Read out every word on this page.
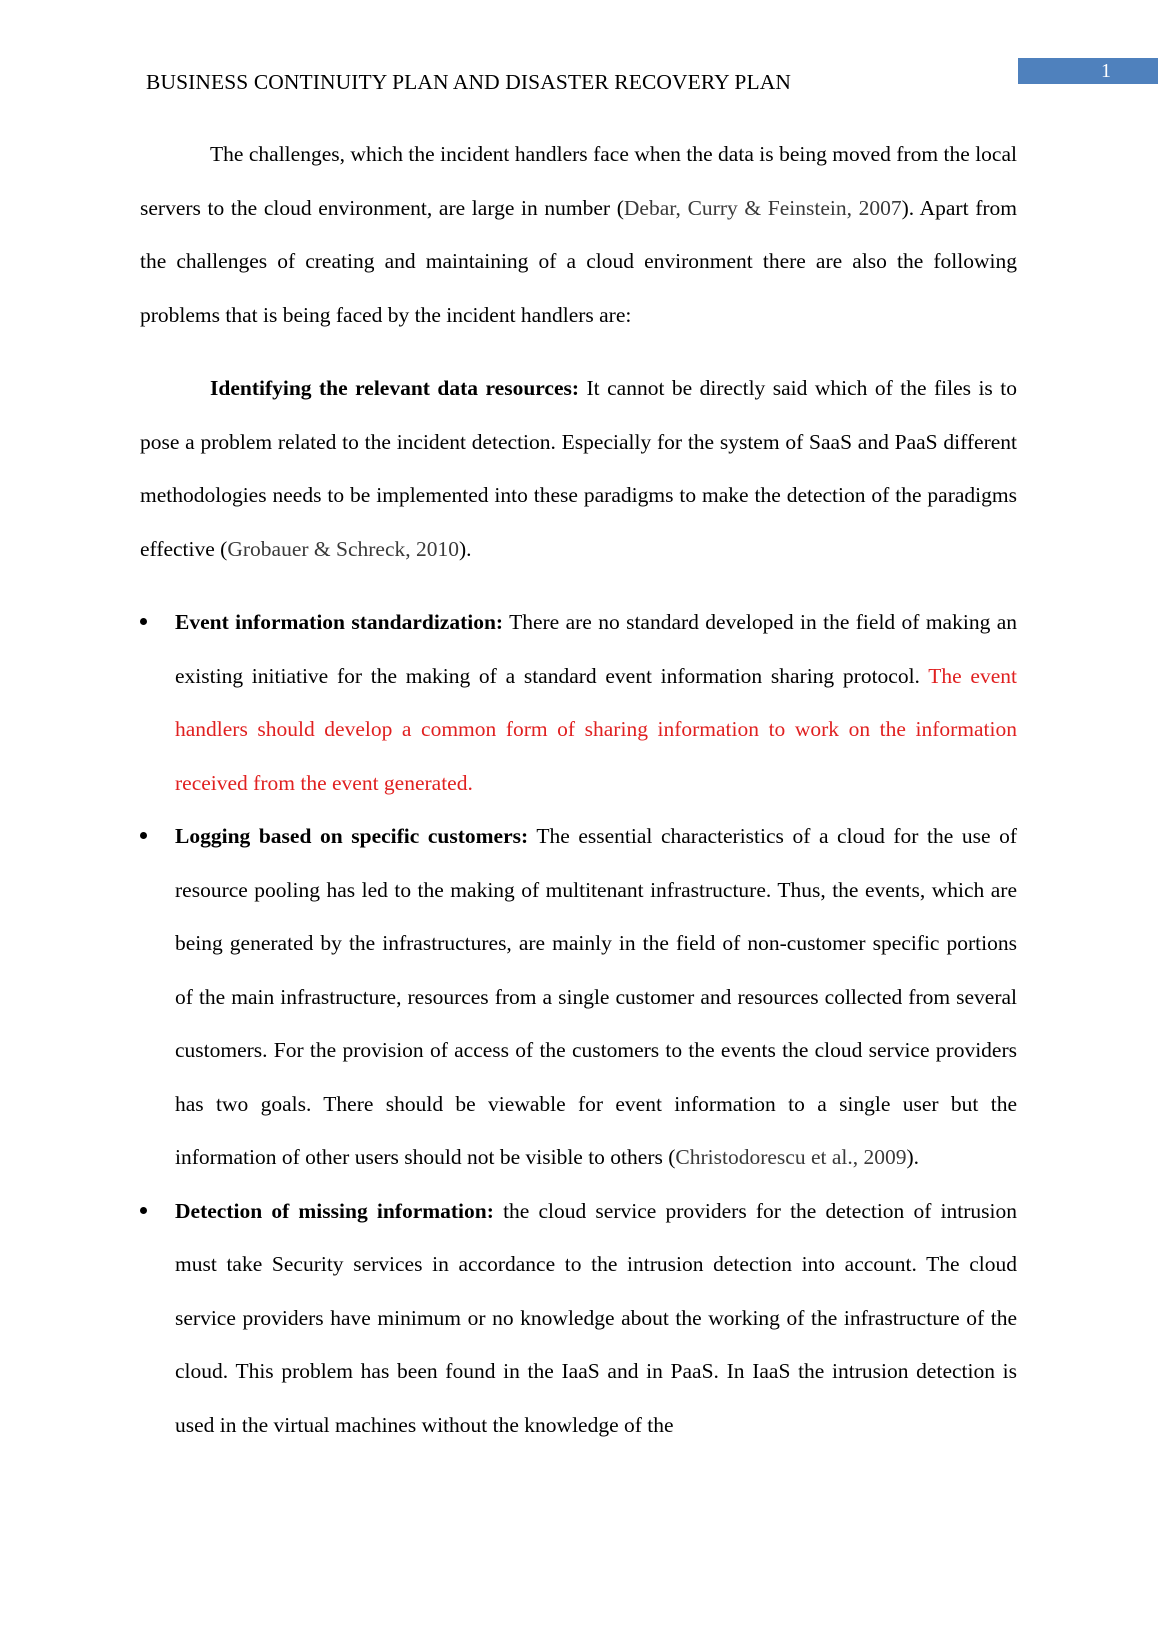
1
BUSINESS CONTINUITY PLAN AND DISASTER RECOVERY PLAN

The challenges, which the incident handlers face when the data is being moved from the local servers to the cloud environment, are large in number (Debar, Curry & Feinstein, 2007). Apart from the challenges of creating and maintaining of a cloud environment there are also the following problems that is being faced by the incident handlers are:

Identifying the relevant data resources: It cannot be directly said which of the files is to pose a problem related to the incident detection. Especially for the system of SaaS and PaaS different methodologies needs to be implemented into these paradigms to make the detection of the paradigms effective (Grobauer & Schreck, 2010).

Event information standardization: There are no standard developed in the field of making an existing initiative for the making of a standard event information sharing protocol. The event handlers should develop a common form of sharing information to work on the information received from the event generated.
Logging based on specific customers: The essential characteristics of a cloud for the use of resource pooling has led to the making of multitenant infrastructure. Thus, the events, which are being generated by the infrastructures, are mainly in the field of non-customer specific portions of the main infrastructure, resources from a single customer and resources collected from several customers. For the provision of access of the customers to the events the cloud service providers has two goals. There should be viewable for event information to a single user but the information of other users should not be visible to others (Christodorescu et al., 2009).
Detection of missing information: the cloud service providers for the detection of intrusion must take Security services in accordance to the intrusion detection into account. The cloud service providers have minimum or no knowledge about the working of the infrastructure of the cloud. This problem has been found in the IaaS and in PaaS. In IaaS the intrusion detection is used in the virtual machines without the knowledge of the
